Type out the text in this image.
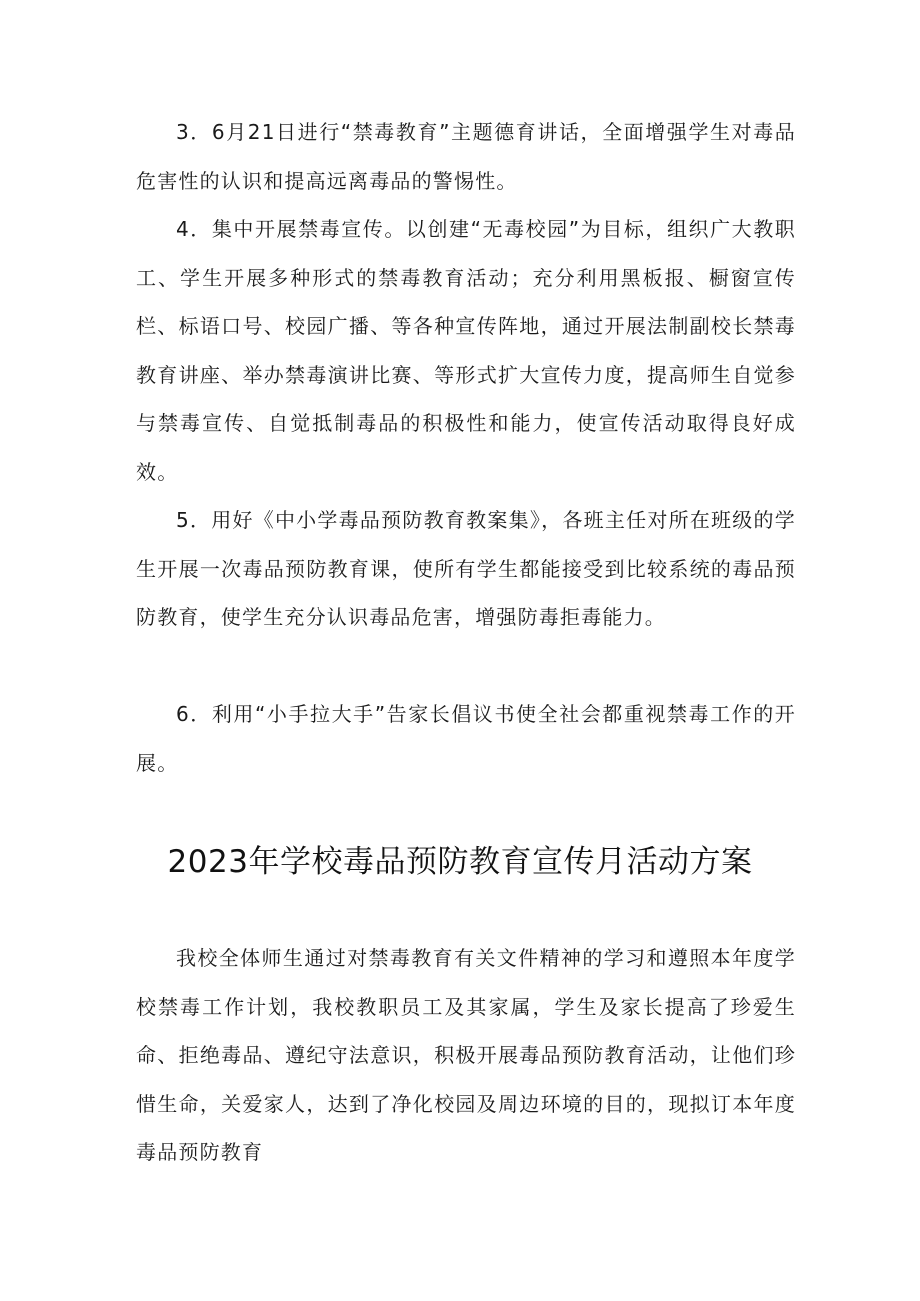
3．6月21日进行“禁毒教育”主题德育讲话，全面增强学生对毒品危害性的认识和提高远离毒品的警惕性。

4．集中开展禁毒宣传。以创建“无毒校园”为目标，组织广大教职工、学生开展多种形式的禁毒教育活动；充分利用黑板报、橱窗宣传栏、标语口号、校园广播、等各种宣传阵地，通过开展法制副校长禁毒教育讲座、举办禁毒演讲比赛、等形式扩大宣传力度，提高师生自觉参与禁毒宣传、自觉抵制毒品的积极性和能力，使宣传活动取得良好成效。

5．用好《中小学毒品预防教育教案集》，各班主任对所在班级的学生开展一次毒品预防教育课，使所有学生都能接受到比较系统的毒品预防教育，使学生充分认识毒品危害，增强防毒拒毒能力。

6．利用“小手拉大手”告家长倡议书使全社会都重视禁毒工作的开展。

2023年学校毒品预防教育宣传月活动方案

我校全体师生通过对禁毒教育有关文件精神的学习和遵照本年度学校禁毒工作计划，我校教职员工及其家属，学生及家长提高了珍爱生命、拒绝毒品、遵纪守法意识，积极开展毒品预防教育活动，让他们珍惜生命，关爱家人，达到了净化校园及周边环境的目的，现拟订本年度毒品预防教育
